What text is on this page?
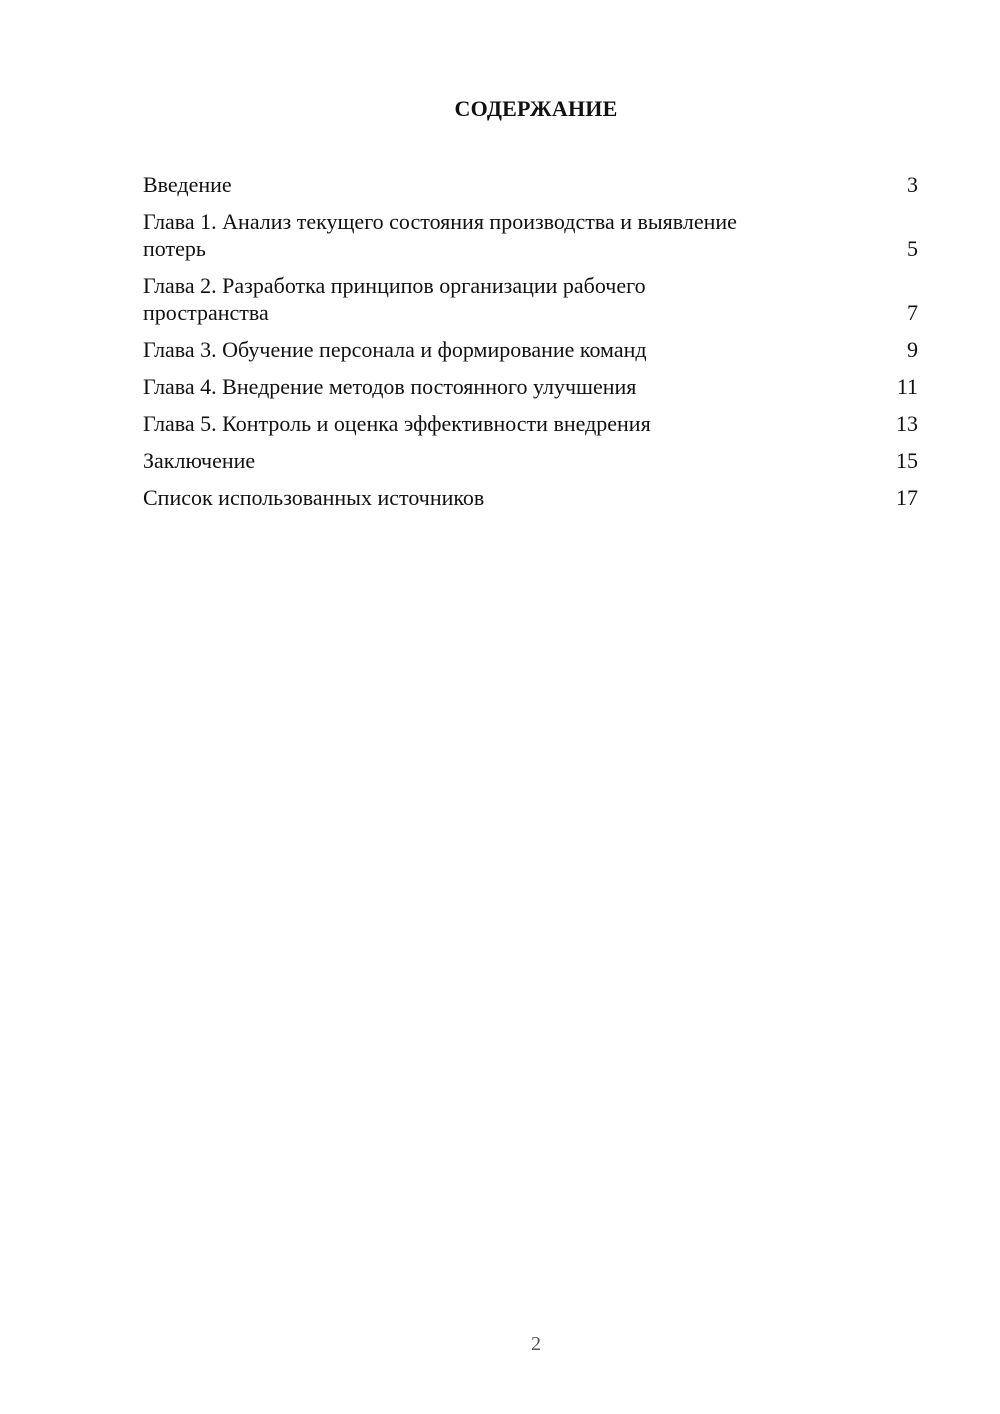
СОДЕРЖАНИЕ
Введение	3
Глава 1. Анализ текущего состояния производства и выявление
потерь	5
Глава 2. Разработка принципов организации рабочего
пространства	7
Глава 3. Обучение персонала и формирование команд	9
Глава 4. Внедрение методов постоянного улучшения	11
Глава 5. Контроль и оценка эффективности внедрения	13
Заключение	15
Список использованных источников	17
2
